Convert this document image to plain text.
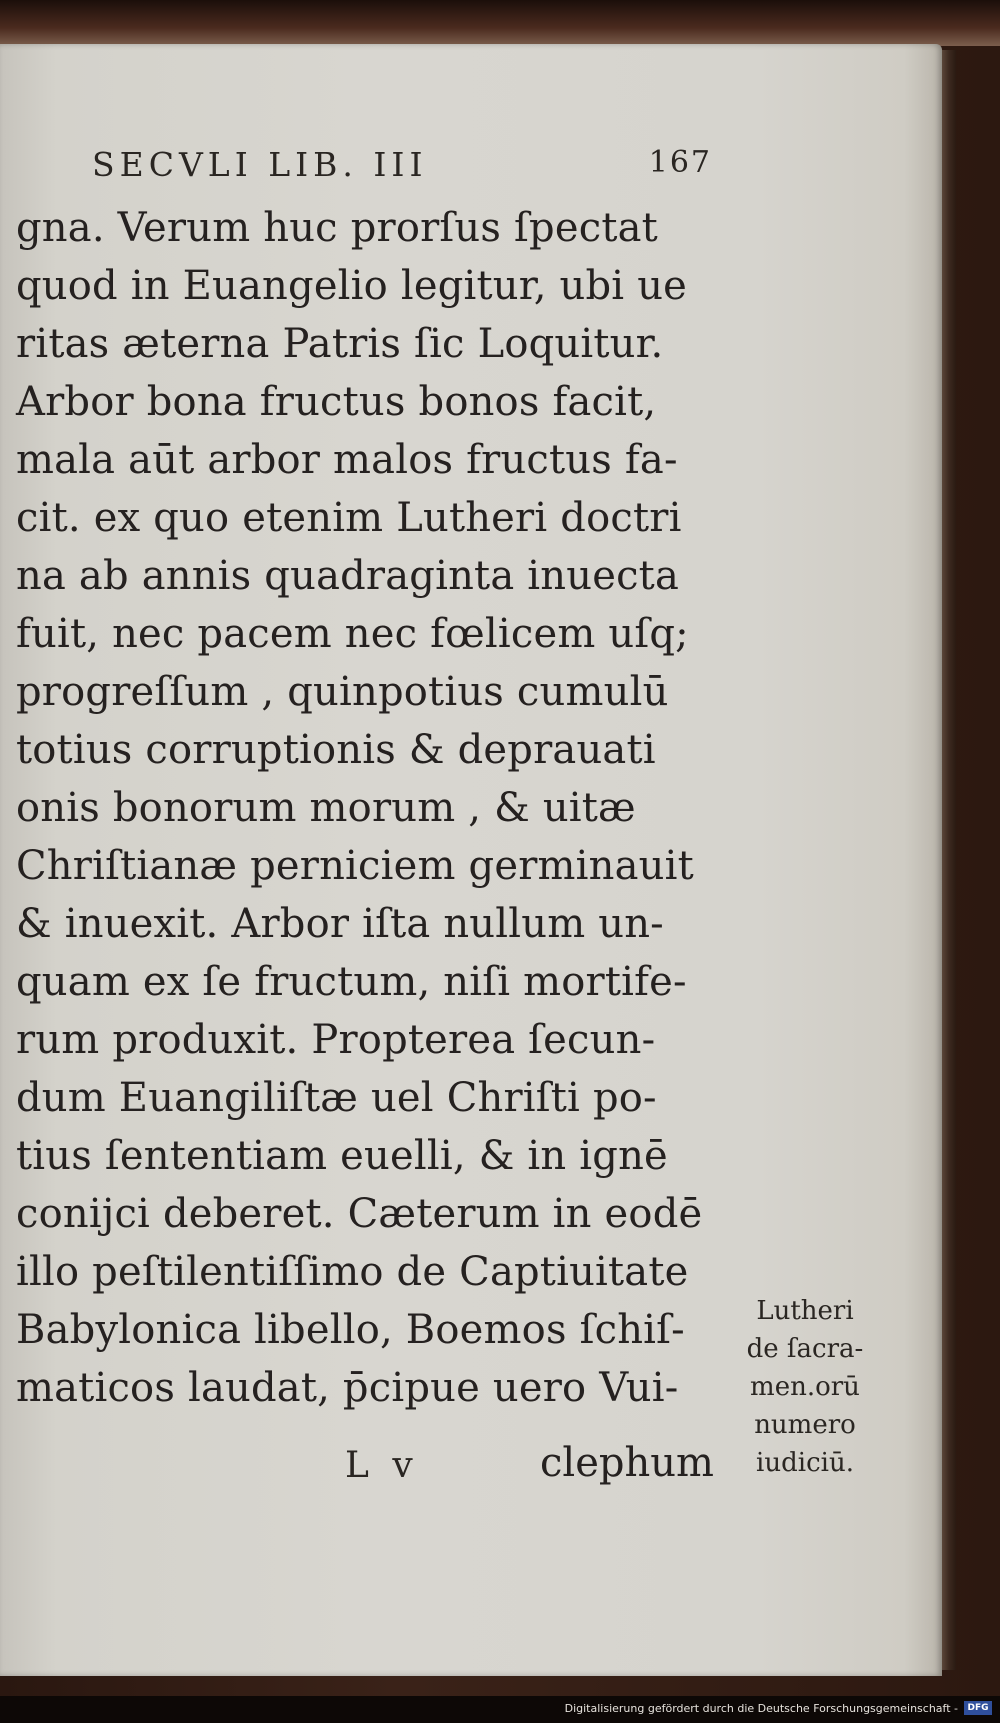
SECVLI LIB. III	167
gna. Verum huc prorſus ſpectat
quod in Euangelio legitur, ubi ue
ritas æterna Patris ſic Loquitur.
Arbor bona fructus bonos facit,
mala aūt arbor malos fructus fa-
cit. ex quo etenim Lutheri doctri
na ab annis quadraginta inuecta
fuit, nec pacem nec fœlicem uſq;
progreſſum , quinpotius cumulū
totius corruptionis & deprauati
onis bonorum morum , & uitæ
Chriſtianæ perniciem germinauit
& inuexit. Arbor iſta nullum un-
quam ex ſe fructum, niſi mortife-
rum produxit. Propterea ſecun-
dum Euangiliſtæ uel Chriſti po-
tius ſententiam euelli, & in ignē
conijci deberet. Cæterum in eodē
illo peſtilentiſſimo de Captiuitate
Babylonica libello, Boemos ſchiſ-
maticos laudat, p̄cipue uero Vui-
L v	clephum
Lutheri
de ſacra-
men.orū
numero
iudiciū.
Digitalisierung gefördert durch die Deutsche Forschungsgemeinschaft -	DFG
